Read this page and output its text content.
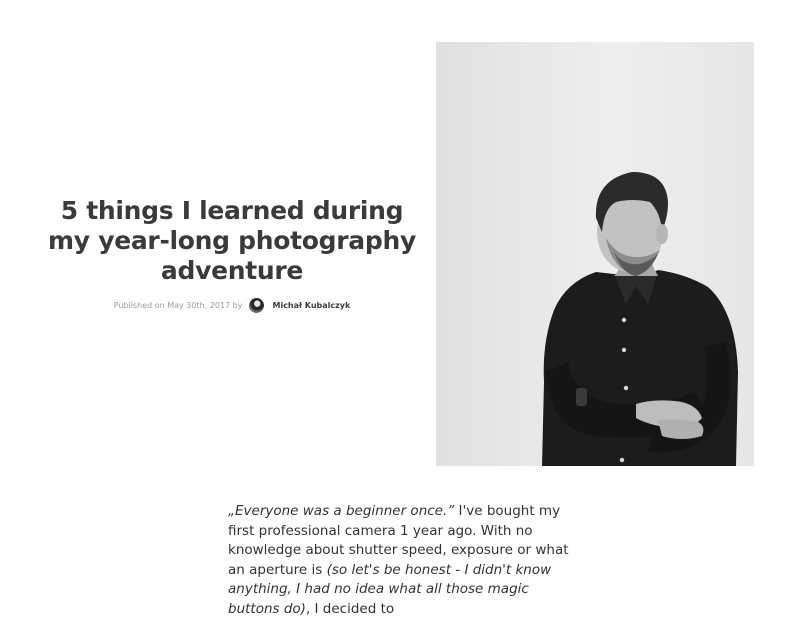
5 things I learned during my year-long photography adventure
Published on May 30th, 2017 by	Michał Kubalczyk

„Everyone was a beginner once.” I've bought my first professional camera 1 year ago. With no knowledge about shutter speed, exposure or what an aperture is (so let's be honest - I didn't know anything, I had no idea what all those magic buttons do), I decided to
